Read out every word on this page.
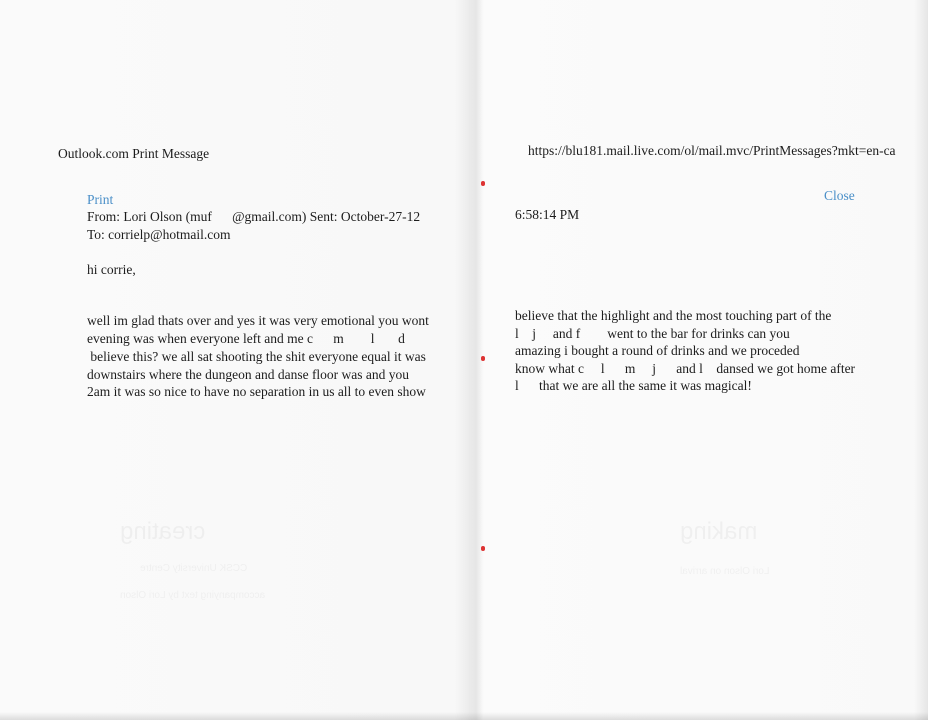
Outlook.com Print Message
Print
From: Lori Olson (muf      @gmail.com) Sent: October-27-12
To: corrielp@hotmail.com
hi corrie,
well im glad thats over and yes it was very emotional you wont
evening was when everyone left and me c      m        l       d
believe this? we all sat shooting the shit everyone equal it was
downstairs where the dungeon and danse floor was and you
2am it was so nice to have no separation in us all to even show
https://blu181.mail.live.com/ol/mail.mvc/PrintMessages?mkt=en-ca
Close
6:58:14 PM
believe that the highlight and the most touching part of the
l    j     and f        went to the bar for drinks can you
amazing i bought a round of drinks and we proceded
know what c     l      m     j      and l    dansed we got home after
l      that we are all the same it was magical!
